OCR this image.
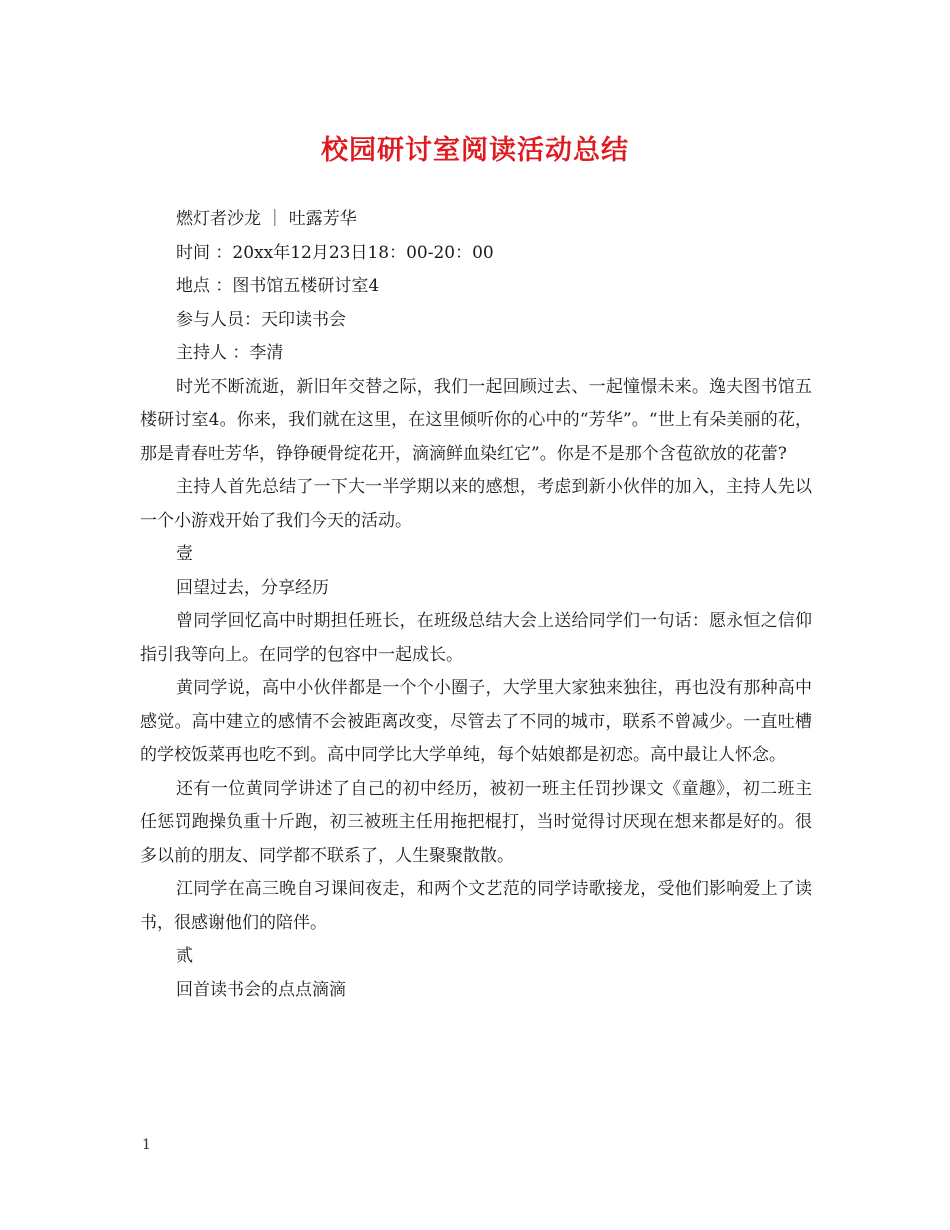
校园研讨室阅读活动总结

燃灯者沙龙 ｜ 吐露芳华

时间 ：20xx年12月23日18：00-20：00

地点 ：图书馆五楼研讨室4

参与人员：天印读书会

主持人 ：李清

时光不断流逝，新旧年交替之际，我们一起回顾过去、一起憧憬未来。逸夫图书馆五楼研讨室4。你来，我们就在这里，在这里倾听你的心中的“芳华”。“世上有朵美丽的花，那是青春吐芳华，铮铮硬骨绽花开，滴滴鲜血染红它”。你是不是那个含苞欲放的花蕾?

主持人首先总结了一下大一半学期以来的感想，考虑到新小伙伴的加入，主持人先以一个小游戏开始了我们今天的活动。

壹

回望过去，分享经历

曾同学回忆高中时期担任班长，在班级总结大会上送给同学们一句话：愿永恒之信仰指引我等向上。在同学的包容中一起成长。

黄同学说，高中小伙伴都是一个个小圈子，大学里大家独来独往，再也没有那种高中感觉。高中建立的感情不会被距离改变，尽管去了不同的城市，联系不曾减少。一直吐槽的学校饭菜再也吃不到。高中同学比大学单纯，每个姑娘都是初恋。高中最让人怀念。

还有一位黄同学讲述了自己的初中经历，被初一班主任罚抄课文《童趣》，初二班主任惩罚跑操负重十斤跑，初三被班主任用拖把棍打，当时觉得讨厌现在想来都是好的。很多以前的朋友、同学都不联系了，人生聚聚散散。

江同学在高三晚自习课间夜走，和两个文艺范的同学诗歌接龙，受他们影响爱上了读书，很感谢他们的陪伴。

贰

回首读书会的点点滴滴

1
